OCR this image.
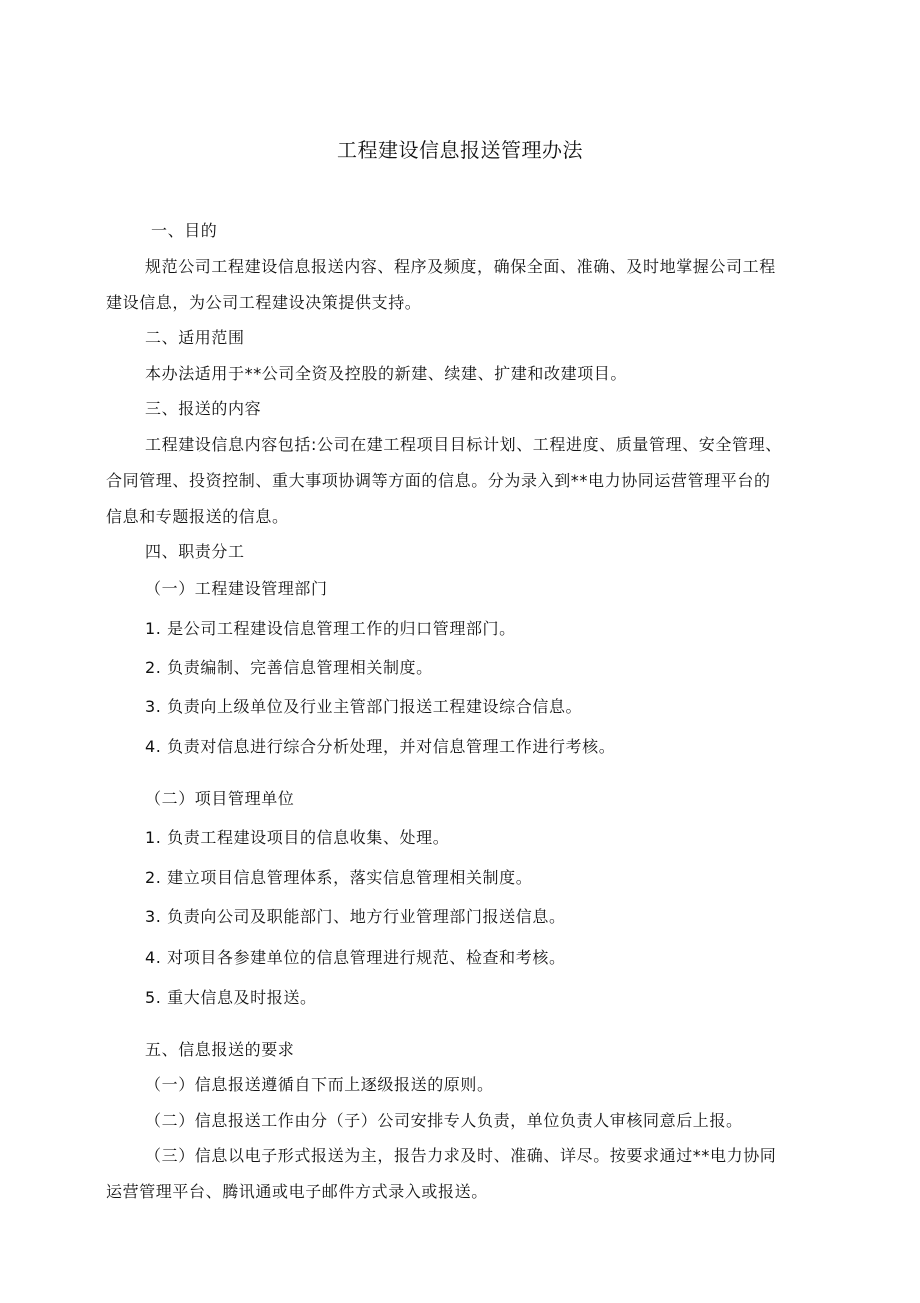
工程建设信息报送管理办法
一、目的
规范公司工程建设信息报送内容、程序及频度，确保全面、准确、及时地掌握公司工程
建设信息，为公司工程建设决策提供支持。
二、适用范围
本办法适用于**公司全资及控股的新建、续建、扩建和改建项目。
三、报送的内容
工程建设信息内容包括:公司在建工程项目目标计划、工程进度、质量管理、安全管理、
合同管理、投资控制、重大事项协调等方面的信息。分为录入到**电力协同运营管理平台的
信息和专题报送的信息。
四、职责分工
（一）工程建设管理部门
1. 是公司工程建设信息管理工作的归口管理部门。
2. 负责编制、完善信息管理相关制度。
3. 负责向上级单位及行业主管部门报送工程建设综合信息。
4. 负责对信息进行综合分析处理，并对信息管理工作进行考核。
（二）项目管理单位
1. 负责工程建设项目的信息收集、处理。
2. 建立项目信息管理体系，落实信息管理相关制度。
3. 负责向公司及职能部门、地方行业管理部门报送信息。
4. 对项目各参建单位的信息管理进行规范、检查和考核。
5. 重大信息及时报送。
五、信息报送的要求
（一）信息报送遵循自下而上逐级报送的原则。
（二）信息报送工作由分（子）公司安排专人负责，单位负责人审核同意后上报。
（三）信息以电子形式报送为主，报告力求及时、准确、详尽。按要求通过**电力协同
运营管理平台、腾讯通或电子邮件方式录入或报送。
